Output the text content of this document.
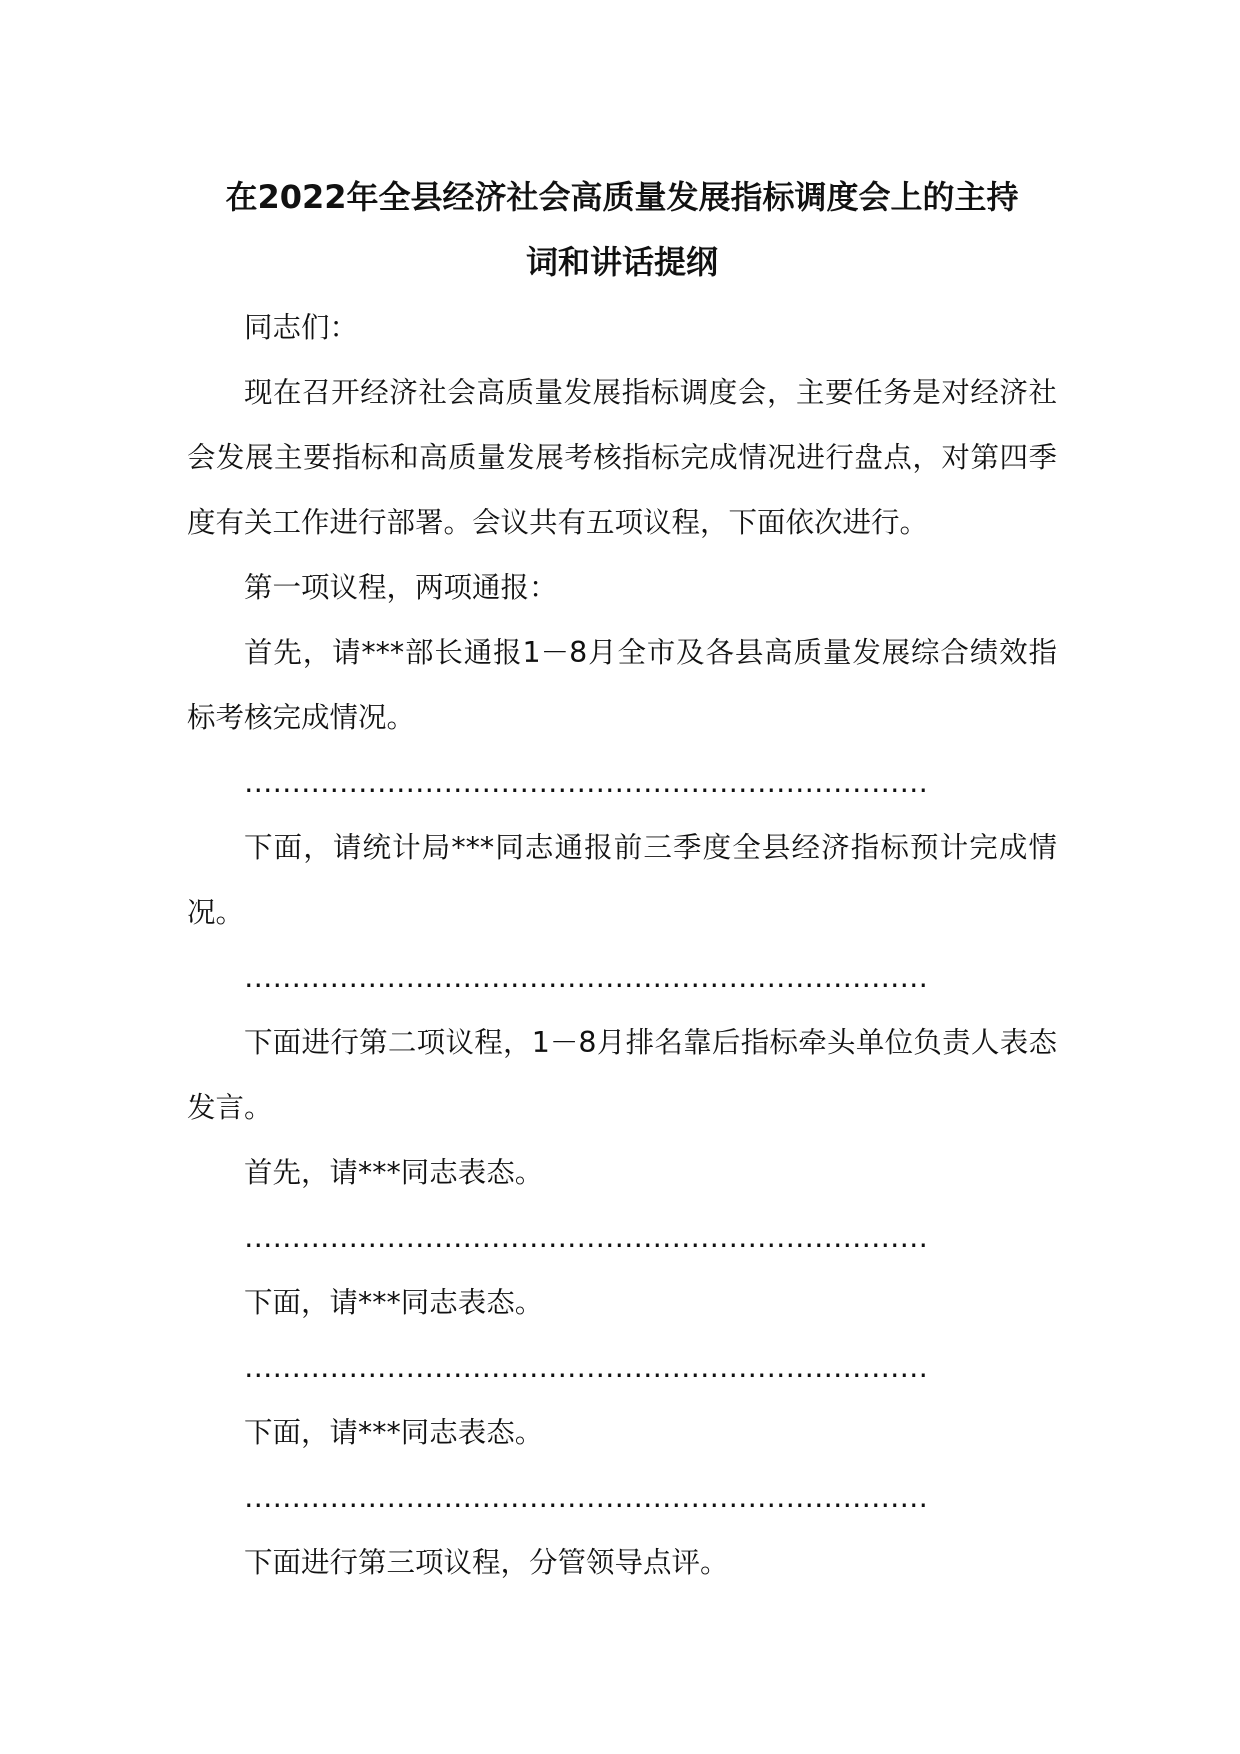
在2022年全县经济社会高质量发展指标调度会上的主持
词和讲话提纲

同志们：

现在召开经济社会高质量发展指标调度会，主要任务是对经济社会发展主要指标和高质量发展考核指标完成情况进行盘点，对第四季度有关工作进行部署。会议共有五项议程，下面依次进行。

第一项议程，两项通报：

首先，请***部长通报1－8月全市及各县高质量发展综合绩效指标考核完成情况。

………………………………………………………………

下面，请统计局***同志通报前三季度全县经济指标预计完成情况。

………………………………………………………………

下面进行第二项议程，1－8月排名靠后指标牵头单位负责人表态发言。

首先，请***同志表态。

………………………………………………………………

下面，请***同志表态。

………………………………………………………………

下面，请***同志表态。

………………………………………………………………

下面进行第三项议程，分管领导点评。
